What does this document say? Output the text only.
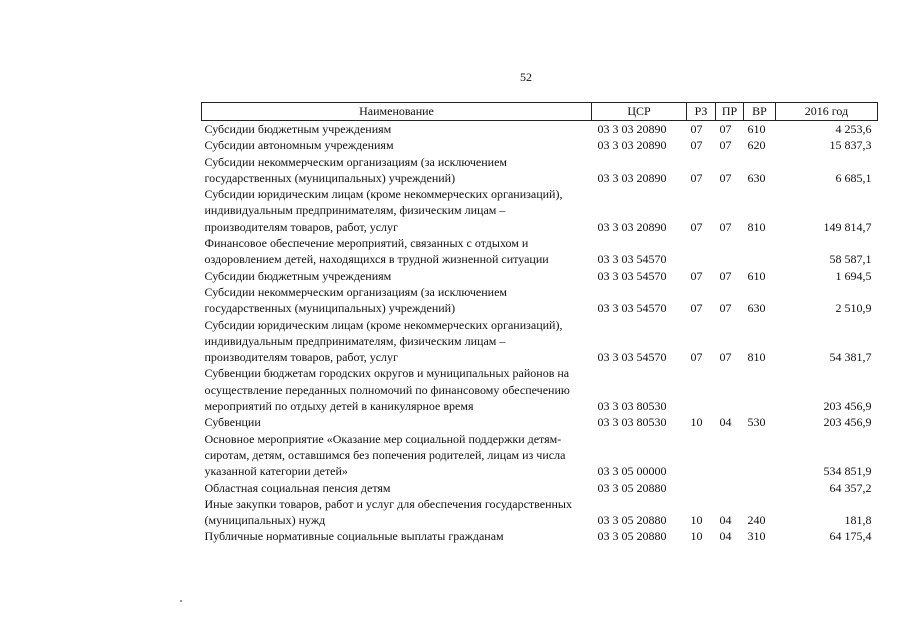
52
Наименование	ЦСР	РЗ	ПР	ВР	2016 год
Субсидии бюджетным учреждениям	03 3 03 20890	07	07	610	4 253,6
Субсидии автономным учреждениям	03 3 03 20890	07	07	620	15 837,3
Субсидии некоммерческим организациям (за исключением государственных (муниципальных) учреждений)	03 3 03 20890	07	07	630	6 685,1
Субсидии юридическим лицам (кроме некоммерческих организаций), индивидуальным предпринимателям, физическим лицам – производителям товаров, работ, услуг	03 3 03 20890	07	07	810	149 814,7
Финансовое обеспечение мероприятий, связанных с отдыхом и оздоровлением детей, находящихся в трудной жизненной ситуации	03 3 03 54570				58 587,1
Субсидии бюджетным учреждениям	03 3 03 54570	07	07	610	1 694,5
Субсидии некоммерческим организациям (за исключением государственных (муниципальных) учреждений)	03 3 03 54570	07	07	630	2 510,9
Субсидии юридическим лицам (кроме некоммерческих организаций), индивидуальным предпринимателям, физическим лицам – производителям товаров, работ, услуг	03 3 03 54570	07	07	810	54 381,7
Субвенции бюджетам городских округов и муниципальных районов на осуществление переданных полномочий по финансовому обеспечению мероприятий по отдыху детей в каникулярное время	03 3 03 80530				203 456,9
Субвенции	03 3 03 80530	10	04	530	203 456,9
Основное мероприятие «Оказание мер социальной поддержки детям-сиротам, детям, оставшимся без попечения родителей, лицам из числа указанной категории детей»	03 3 05 00000				534 851,9
Областная социальная пенсия детям	03 3 05 20880				64 357,2
Иные закупки товаров, работ и услуг для обеспечения государственных (муниципальных) нужд	03 3 05 20880	10	04	240	181,8
Публичные нормативные социальные выплаты гражданам	03 3 05 20880	10	04	310	64 175,4
